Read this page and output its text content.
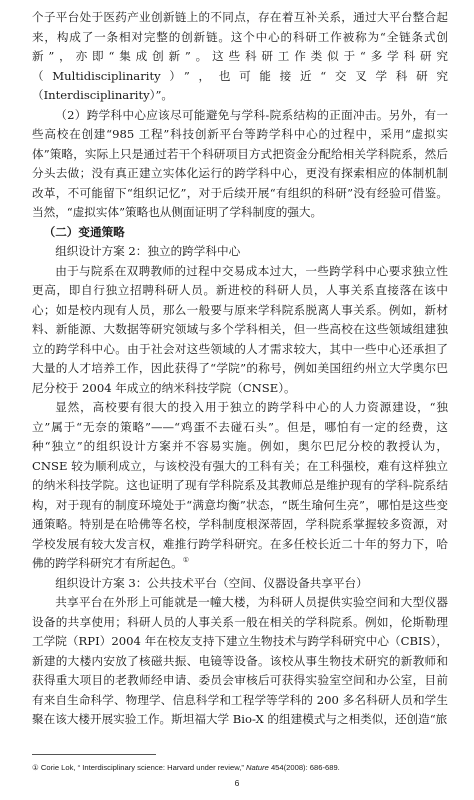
个子平台处于医药产业创新链上的不同点，存在着互补关系，通过大平台整合起来，构成了一条相对完整的创新链。这个中心的科研工作被称为“全链条式创新”，亦即“集成创新”。这些科研工作类似于“多学科研究（Multidisciplinarity）”，也可能接近“交叉学科研究（Interdisciplinarity）”。

（2）跨学科中心应该尽可能避免与学科-院系结构的正面冲击。另外，有一些高校在创建“985 工程”科技创新平台等跨学科中心的过程中，采用“虚拟实体”策略，实际上只是通过若干个科研项目方式把资金分配给相关学科院系，然后分头去做；没有真正建立实体化运行的跨学科中心，更没有探索相应的体制机制改革，不可能留下“组织记忆”，对于后续开展“有组织的科研”没有经验可借鉴。当然，“虚拟实体”策略也从侧面证明了学科制度的强大。

（二）变通策略

组织设计方案 2：独立的跨学科中心

由于与院系在双聘教师的过程中交易成本过大，一些跨学科中心要求独立性更高，即自行独立招聘科研人员。新进校的科研人员，人事关系直接落在该中心；如是校内现有人员，那么一般要与原来学科院系脱离人事关系。例如，新材料、新能源、大数据等研究领域与多个学科相关，但一些高校在这些领域组建独立的跨学科中心。由于社会对这些领域的人才需求较大，其中一些中心还承担了大量的人才培养工作，因此获得了“学院”的称号，例如美国纽约州立大学奥尔巴尼分校于 2004 年成立的纳米科技学院（CNSE）。

显然，高校要有很大的投入用于独立的跨学科中心的人力资源建设，“独立”属于“无奈的策略”——“鸡蛋不去碰石头”。但是，哪怕有一定的经费，这种“独立”的组织设计方案并不容易实施。例如，奥尔巴尼分校的教授认为，CNSE 较为顺利成立，与该校没有强大的工科有关；在工科强校，难有这样独立的纳米科技学院。这也证明了现有学科院系及其教师总是维护现有的学科-院系结构，对于现有的制度环境处于“满意均衡”状态，“既生瑜何生亮”，哪怕是这些变通策略。特别是在哈佛等名校，学科制度根深蒂固，学科院系掌握较多资源，对学校发展有较大发言权，难推行跨学科研究。在多任校长近二十年的努力下，哈佛的跨学科研究才有所起色。①

组织设计方案 3：公共技术平台（空间、仪器设备共享平台）

共享平台在外形上可能就是一幢大楼，为科研人员提供实验空间和大型仪器设备的共享使用；科研人员的人事关系一般在相关的学科院系。例如，伦斯勒理工学院（RPI）2004 年在校友支持下建立生物技术与跨学科研究中心（CBIS），新建的大楼内安放了核磁共振、电镜等设备。该校从事生物技术研究的新教师和获得重大项目的老教师经申请、委员会审核后可获得实验室空间和办公室，目前有来自生命科学、物理学、信息科学和工程学等学科的 200 多名科研人员和学生聚在该大楼开展实验工作。斯坦福大学 Bio-X 的组建模式与之相类似，还创造“旅

① Corie Lok, “ Interdisciplinary science: Harvard under review,” Nature 454(2008): 686-689.
6
